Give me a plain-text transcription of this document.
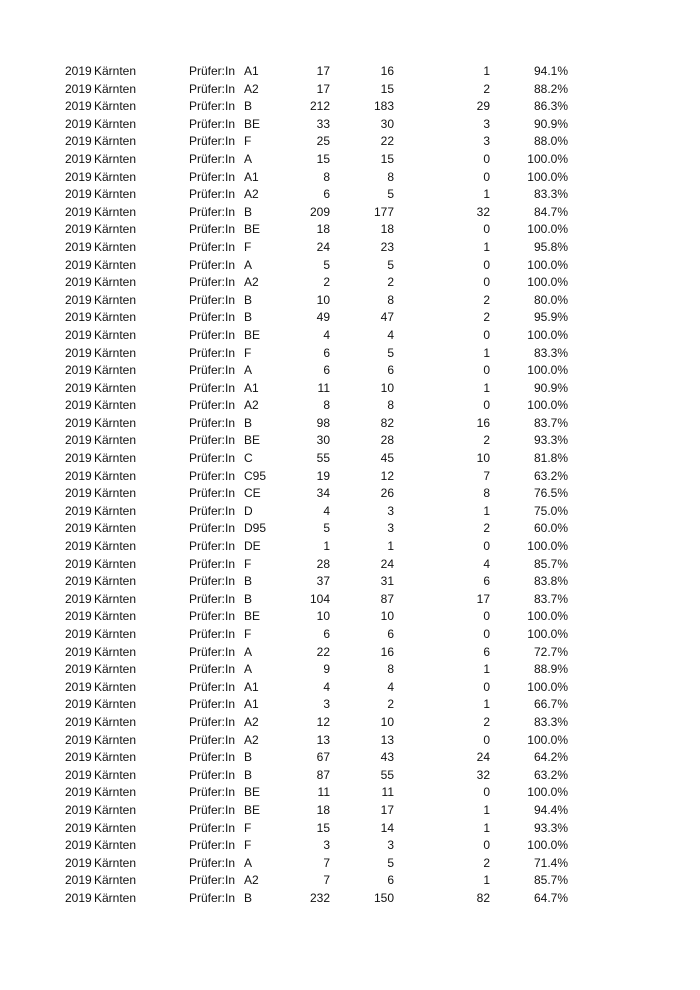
2019 Kärnten	Prüfer:In A1	17	16	1	94.1%
2019 Kärnten	Prüfer:In A2	17	15	2	88.2%
2019 Kärnten	Prüfer:In B	212	183	29	86.3%
2019 Kärnten	Prüfer:In BE	33	30	3	90.9%
2019 Kärnten	Prüfer:In F	25	22	3	88.0%
2019 Kärnten	Prüfer:In A	15	15	0	100.0%
2019 Kärnten	Prüfer:In A1	8	8	0	100.0%
2019 Kärnten	Prüfer:In A2	6	5	1	83.3%
2019 Kärnten	Prüfer:In B	209	177	32	84.7%
2019 Kärnten	Prüfer:In BE	18	18	0	100.0%
2019 Kärnten	Prüfer:In F	24	23	1	95.8%
2019 Kärnten	Prüfer:In A	5	5	0	100.0%
2019 Kärnten	Prüfer:In A2	2	2	0	100.0%
2019 Kärnten	Prüfer:In B	10	8	2	80.0%
2019 Kärnten	Prüfer:In B	49	47	2	95.9%
2019 Kärnten	Prüfer:In BE	4	4	0	100.0%
2019 Kärnten	Prüfer:In F	6	5	1	83.3%
2019 Kärnten	Prüfer:In A	6	6	0	100.0%
2019 Kärnten	Prüfer:In A1	11	10	1	90.9%
2019 Kärnten	Prüfer:In A2	8	8	0	100.0%
2019 Kärnten	Prüfer:In B	98	82	16	83.7%
2019 Kärnten	Prüfer:In BE	30	28	2	93.3%
2019 Kärnten	Prüfer:In C	55	45	10	81.8%
2019 Kärnten	Prüfer:In C95	19	12	7	63.2%
2019 Kärnten	Prüfer:In CE	34	26	8	76.5%
2019 Kärnten	Prüfer:In D	4	3	1	75.0%
2019 Kärnten	Prüfer:In D95	5	3	2	60.0%
2019 Kärnten	Prüfer:In DE	1	1	0	100.0%
2019 Kärnten	Prüfer:In F	28	24	4	85.7%
2019 Kärnten	Prüfer:In B	37	31	6	83.8%
2019 Kärnten	Prüfer:In B	104	87	17	83.7%
2019 Kärnten	Prüfer:In BE	10	10	0	100.0%
2019 Kärnten	Prüfer:In F	6	6	0	100.0%
2019 Kärnten	Prüfer:In A	22	16	6	72.7%
2019 Kärnten	Prüfer:In A	9	8	1	88.9%
2019 Kärnten	Prüfer:In A1	4	4	0	100.0%
2019 Kärnten	Prüfer:In A1	3	2	1	66.7%
2019 Kärnten	Prüfer:In A2	12	10	2	83.3%
2019 Kärnten	Prüfer:In A2	13	13	0	100.0%
2019 Kärnten	Prüfer:In B	67	43	24	64.2%
2019 Kärnten	Prüfer:In B	87	55	32	63.2%
2019 Kärnten	Prüfer:In BE	11	11	0	100.0%
2019 Kärnten	Prüfer:In BE	18	17	1	94.4%
2019 Kärnten	Prüfer:In F	15	14	1	93.3%
2019 Kärnten	Prüfer:In F	3	3	0	100.0%
2019 Kärnten	Prüfer:In A	7	5	2	71.4%
2019 Kärnten	Prüfer:In A2	7	6	1	85.7%
2019 Kärnten	Prüfer:In B	232	150	82	64.7%
